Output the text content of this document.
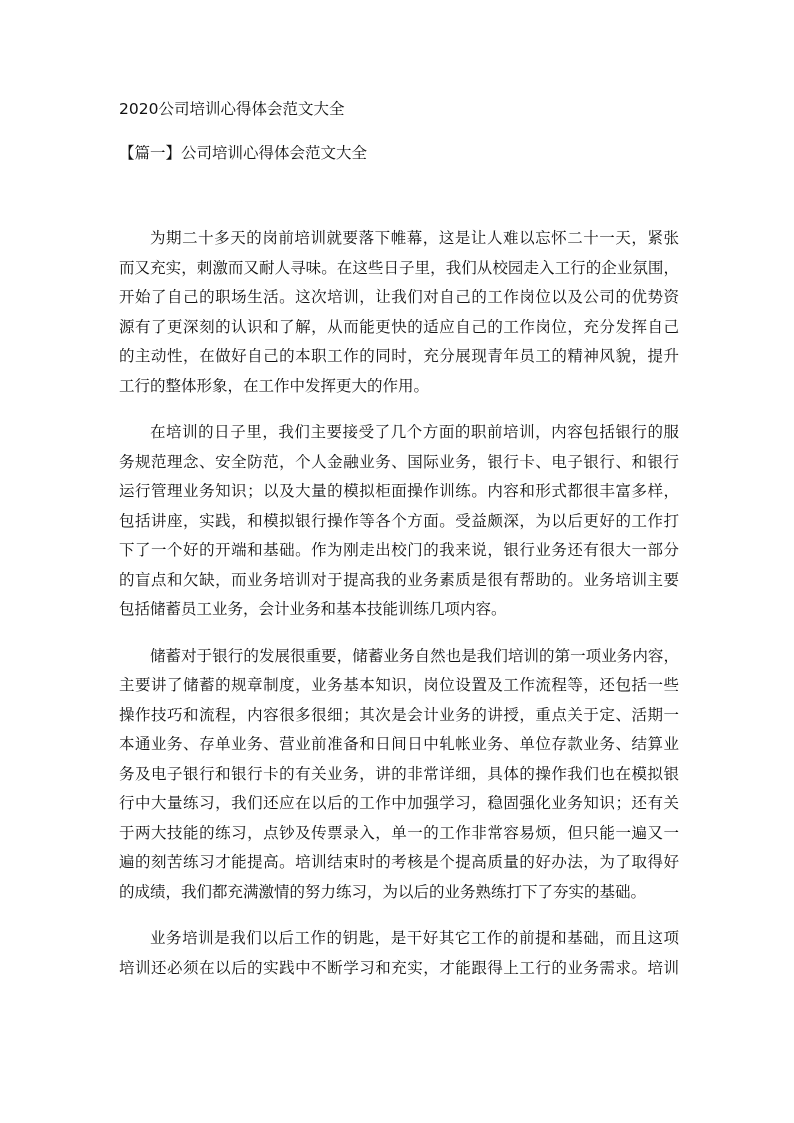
2020公司培训心得体会范文大全
【篇一】公司培训心得体会范文大全

为期二十多天的岗前培训就要落下帷幕，这是让人难以忘怀二十一天，紧张
而又充实，刺激而又耐人寻味。在这些日子里，我们从校园走入工行的企业氛围，
开始了自己的职场生活。这次培训，让我们对自己的工作岗位以及公司的优势资
源有了更深刻的认识和了解，从而能更快的适应自己的工作岗位，充分发挥自己
的主动性，在做好自己的本职工作的同时，充分展现青年员工的精神风貌，提升
工行的整体形象，在工作中发挥更大的作用。

在培训的日子里，我们主要接受了几个方面的职前培训，内容包括银行的服
务规范理念、安全防范，个人金融业务、国际业务，银行卡、电子银行、和银行
运行管理业务知识；以及大量的模拟柜面操作训练。内容和形式都很丰富多样，
包括讲座，实践，和模拟银行操作等各个方面。受益颇深，为以后更好的工作打
下了一个好的开端和基础。作为刚走出校门的我来说，银行业务还有很大一部分
的盲点和欠缺，而业务培训对于提高我的业务素质是很有帮助的。业务培训主要
包括储蓄员工业务，会计业务和基本技能训练几项内容。

储蓄对于银行的发展很重要，储蓄业务自然也是我们培训的第一项业务内容，
主要讲了储蓄的规章制度，业务基本知识，岗位设置及工作流程等，还包括一些
操作技巧和流程，内容很多很细；其次是会计业务的讲授，重点关于定、活期一
本通业务、存单业务、营业前准备和日间日中轧帐业务、单位存款业务、结算业
务及电子银行和银行卡的有关业务，讲的非常详细，具体的操作我们也在模拟银
行中大量练习，我们还应在以后的工作中加强学习，稳固强化业务知识；还有关
于两大技能的练习，点钞及传票录入，单一的工作非常容易烦，但只能一遍又一
遍的刻苦练习才能提高。培训结束时的考核是个提高质量的好办法，为了取得好
的成绩，我们都充满激情的努力练习，为以后的业务熟练打下了夯实的基础。

业务培训是我们以后工作的钥匙，是干好其它工作的前提和基础，而且这项
培训还必须在以后的实践中不断学习和充实，才能跟得上工行的业务需求。培训
